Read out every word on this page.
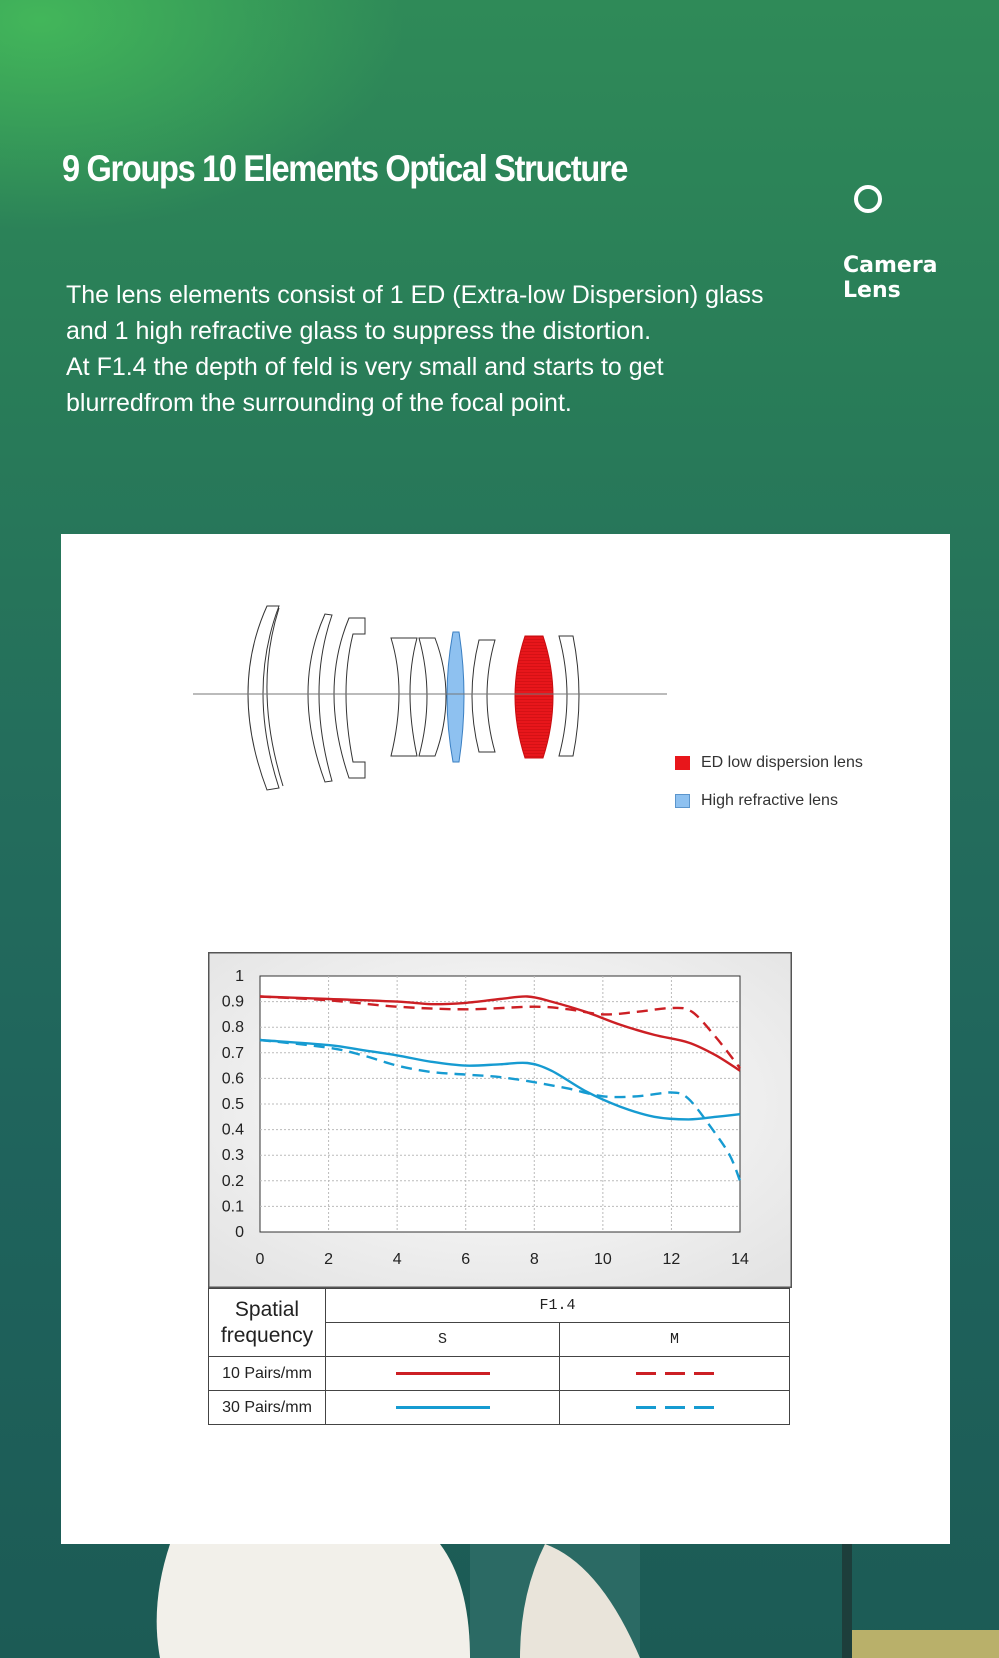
9 Groups 10 Elements Optical Structure
Camera
Lens

The lens elements consist of 1 ED (Extra-low Dispersion) glass
and 1 high refractive glass to suppress the distortion.
At F1.4 the depth of feld is very small and starts to get
blurredfrom the surrounding of the focal point.

ED low dispersion lens
High refractive lens
0	2	4	6	8	10	12	14
0
0.1
0.2
0.3
0.4
0.5
0.6
0.7
0.8
0.9
1
Spatial
frequency	F1.4	
	S	M
10 Pairs/mm	

30 Pairs/mm	
